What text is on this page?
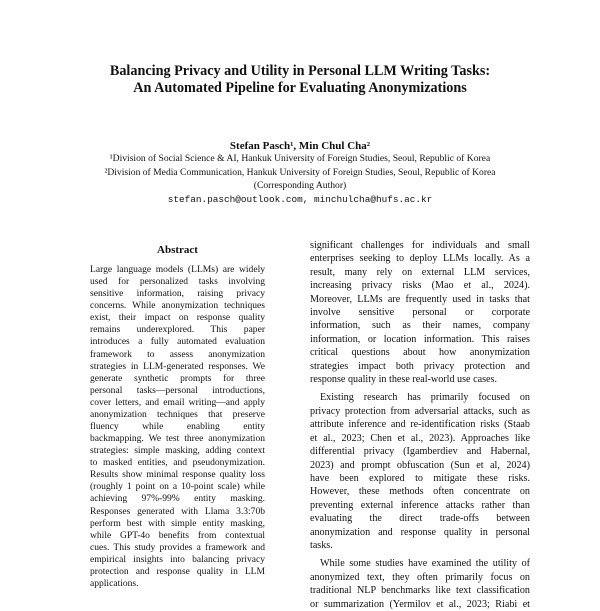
Balancing Privacy and Utility in Personal LLM Writing Tasks:
An Automated Pipeline for Evaluating Anonymizations
Stefan Pasch¹, Min Chul Cha²
¹Division of Social Science & AI, Hankuk University of Foreign Studies, Seoul, Republic of Korea
²Division of Media Communication, Hankuk University of Foreign Studies, Seoul, Republic of Korea
(Corresponding Author)
stefan.pasch@outlook.com, minchulcha@hufs.ac.kr
Abstract
Large language models (LLMs) are widely
used for personalized tasks involving
sensitive information, raising privacy
concerns. While anonymization techniques
exist, their impact on response quality
remains underexplored. This paper
introduces a fully automated evaluation
framework to assess anonymization
strategies in LLM-generated responses. We
generate synthetic prompts for three
personal tasks—personal introductions,
cover letters, and email writing—and apply
anonymization techniques that preserve
fluency while enabling entity
backmapping. We test three anonymization
strategies: simple masking, adding context
to masked entities, and pseudonymization.
Results show minimal response quality loss
(roughly 1 point on a 10-point scale) while
achieving 97%-99% entity masking.
Responses generated with Llama 3.3:70b
perform best with simple entity masking,
while GPT-4o benefits from contextual
cues. This study provides a framework and
empirical insights into balancing privacy
protection and response quality in LLM
applications.
significant challenges for individuals and small
enterprises seeking to deploy LLMs locally. As a
result, many rely on external LLM services,
increasing privacy risks (Mao et al., 2024).
Moreover, LLMs are frequently used in tasks that
involve sensitive personal or corporate
information, such as their names, company
information, or location information. This raises
critical questions about how anonymization
strategies impact both privacy protection and
response quality in these real-world use cases.
Existing research has primarily focused on
privacy protection from adversarial attacks, such as
attribute inference and re-identification risks (Staab
et al., 2023; Chen et al., 2023). Approaches like
differential privacy (Igamberdiev and Habernal,
2023) and prompt obfuscation (Sun et al, 2024)
have been explored to mitigate these risks.
However, these methods often concentrate on
preventing external inference attacks rather than
evaluating the direct trade-offs between
anonymization and response quality in personal
tasks.
While some studies have examined the utility of
anonymized text, they often primarily focus on
traditional NLP benchmarks like text classification
or summarization (Yermilov et al., 2023; Riabi et
